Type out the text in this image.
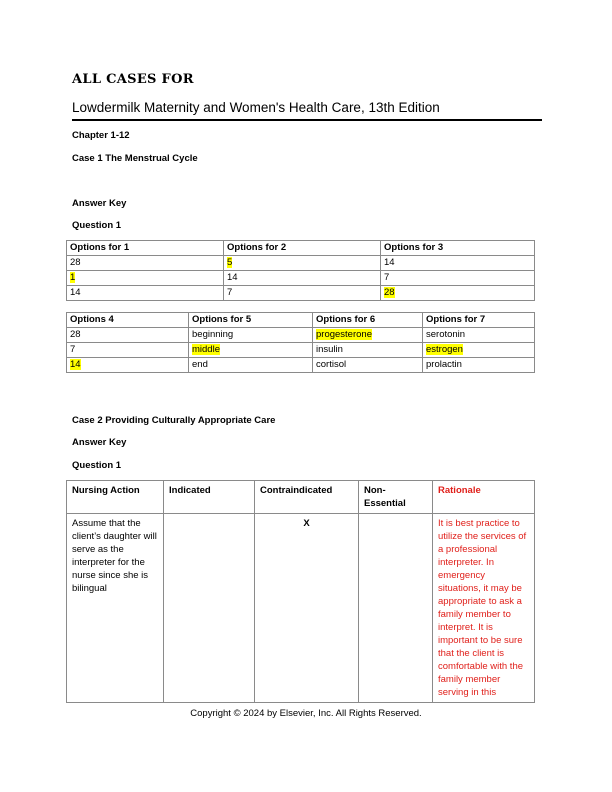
ALL CASES FOR
Lowdermilk Maternity and Women's Health Care, 13th Edition
Chapter 1-12
Case 1 The Menstrual Cycle
Answer Key
Question 1
Options for 1	Options for 2	Options for 3
28	5	14
1	14	7
14	7	28
Options 4	Options for 5	Options for 6	Options for 7
28	beginning	progesterone	serotonin
7	middle	insulin	estrogen
14	end	cortisol	prolactin
Case 2 Providing Culturally Appropriate Care
Answer Key
Question 1
Nursing Action	Indicated	Contraindicated	Non-Essential	Rationale
Assume that the client’s daughter will serve as the interpreter for the nurse since she is bilingual		X		It is best practice to utilize the services of a professional interpreter. In emergency situations, it may be appropriate to ask a family member to interpret. It is important to be sure that the client is comfortable with the family member serving in this
Copyright © 2024 by Elsevier, Inc. All Rights Reserved.
